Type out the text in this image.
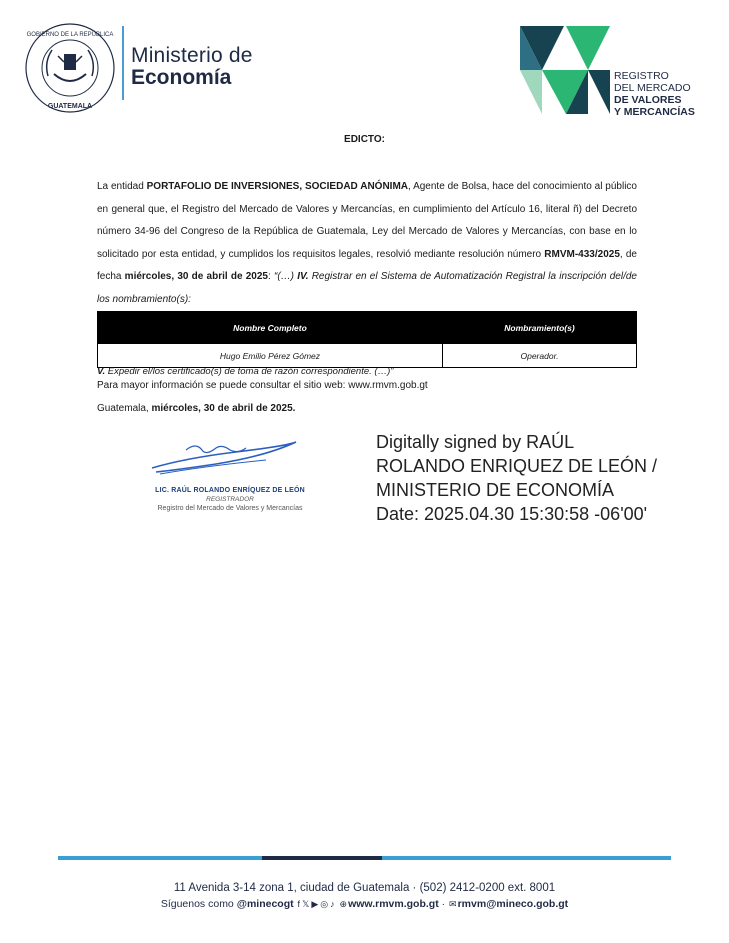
GOBIERNO DE LA REPÚBLICA
GUATEMALA
Ministerio de
Economía	REGISTRO
DEL MERCADO
DE VALORES
Y MERCANCÍAS
EDICTO:

La entidad PORTAFOLIO DE INVERSIONES, SOCIEDAD ANÓNIMA, Agente de Bolsa, hace del conocimiento al público en general que, el Registro del Mercado de Valores y Mercancías, en cumplimiento del Artículo 16, literal ñ) del Decreto número 34-96 del Congreso de la República de Guatemala, Ley del Mercado de Valores y Mercancías, con base en lo solicitado por esta entidad, y cumplidos los requisitos legales, resolvió mediante resolución número RMVM-433/2025, de fecha miércoles, 30 de abril de 2025: “(…) IV. Registrar en el Sistema de Automatización Registral la inscripción del/de los nombramiento(s):

Nombre Completo	Nombramiento(s)
Hugo Emilio Pérez Gómez	Operador.
V. Expedir el/los certificado(s) de toma de razón correspondiente. (…)”
Para mayor información se puede consultar el sitio web: www.rmvm.gob.gt
Guatemala, miércoles, 30 de abril de 2025.
LIC. RAÚL ROLANDO ENRÍQUEZ DE LEÓN
REGISTRADOR
Registro del Mercado de Valores y Mercancías
Digitally signed by RAÚL
ROLANDO ENRIQUEZ DE LEÓN /
MINISTERIO DE ECONOMÍA
Date: 2025.04.30 15:30:58 -06'00'
11 Avenida 3-14 zona 1, ciudad de Guatemala · (502) 2412-0200 ext. 8001
Síguenos como @minecogt f 𝕏 ▶ ◎ ♪ ⊕www.rmvm.gob.gt · ✉rmvm@mineco.gob.gt
